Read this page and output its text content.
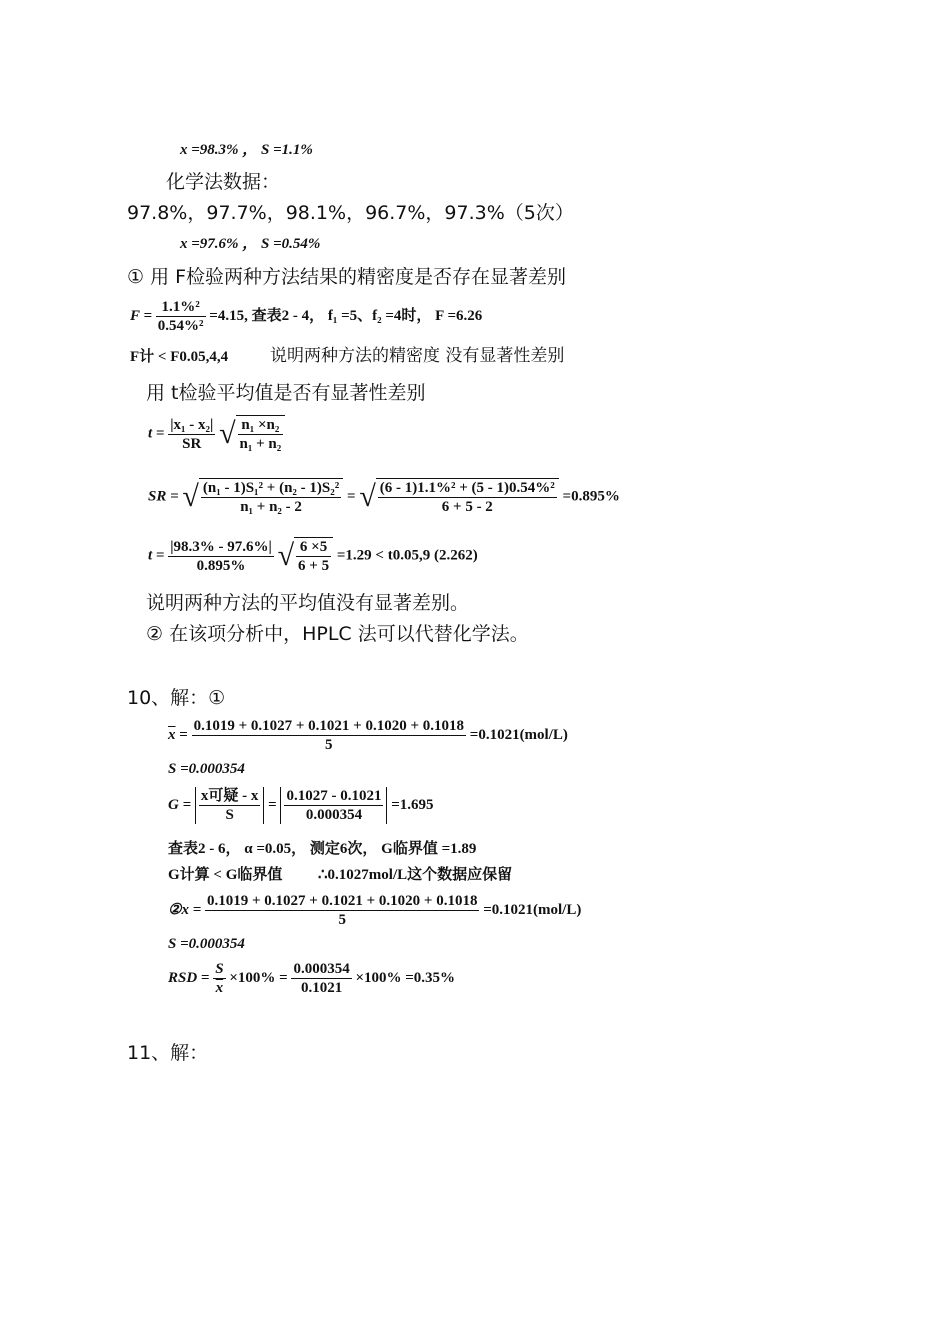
x =98.3% ， S =1.1%
化学法数据：
97.8%，97.7%，98.1%，96.7%，97.3%（5次）
x =97.6% ， S =0.54%
① 用 F检验两种方法结果的精密度是否存在显著差别
$F = \frac{\text{1.1\%²}}{\text{0.54\%²}} =4.15$, 查表2 - 4， f₁ =5、f₂ =4时， F =6.26
F计 < F0.05,4,4 说明两种方法的精密度 没有显著性差别
用 t检验平均值是否有显著性差别
$t = \frac{\text{|x₁ - x₂|}}{SR}$ √ $\frac{\text{n₁ ×n₂}}{\text{n₁ + n₂}}$
SR = √ $\frac{\text{(n₁ - 1)S₁² + (n₂ - 1)S₂²}}{\text{n₁ + n₂ - 2}}$ = √ $\frac{\text{(6 - 1)1.1\%² + (5 - 1)0.54\%²}}{6 + 5 - 2} =0.895\%$
$t = \frac{|98.3\% - 97.6\%|}{0.895\%}$ √ $\frac{6 \times 5}{6 + 5} =1.29 < t0.05,9$ (2.262)
说明两种方法的平均值没有显著差别。
② 在该项分析中，HPLC 法可以代替化学法。
10、解：①
$\overline{x} = \frac{0.1019 + 0.1027 + 0.1021 + 0.1020 + 0.1018}{5} =0.1021(mol/L)$
S =0.000354
$G = \frac{\text{x可疑 - x}}{S} = \frac{0.1027 - 0.1021}{0.000354} =1.695$
查表2 - 6， α =0.05， 测定6次， G临界值 =1.89
G计算 < G临界值 ∴0.1027mol/L这个数据应保留
②x = $\frac{0.1019 + 0.1027 + 0.1021 + 0.1020 + 0.1018}{5} =0.1021(mol/L)$
S =0.000354
RSD = $\frac{S}{x} \times 100\% = \frac{0.000354}{0.1021} \times 100\% =0.35\%$
11、解：
